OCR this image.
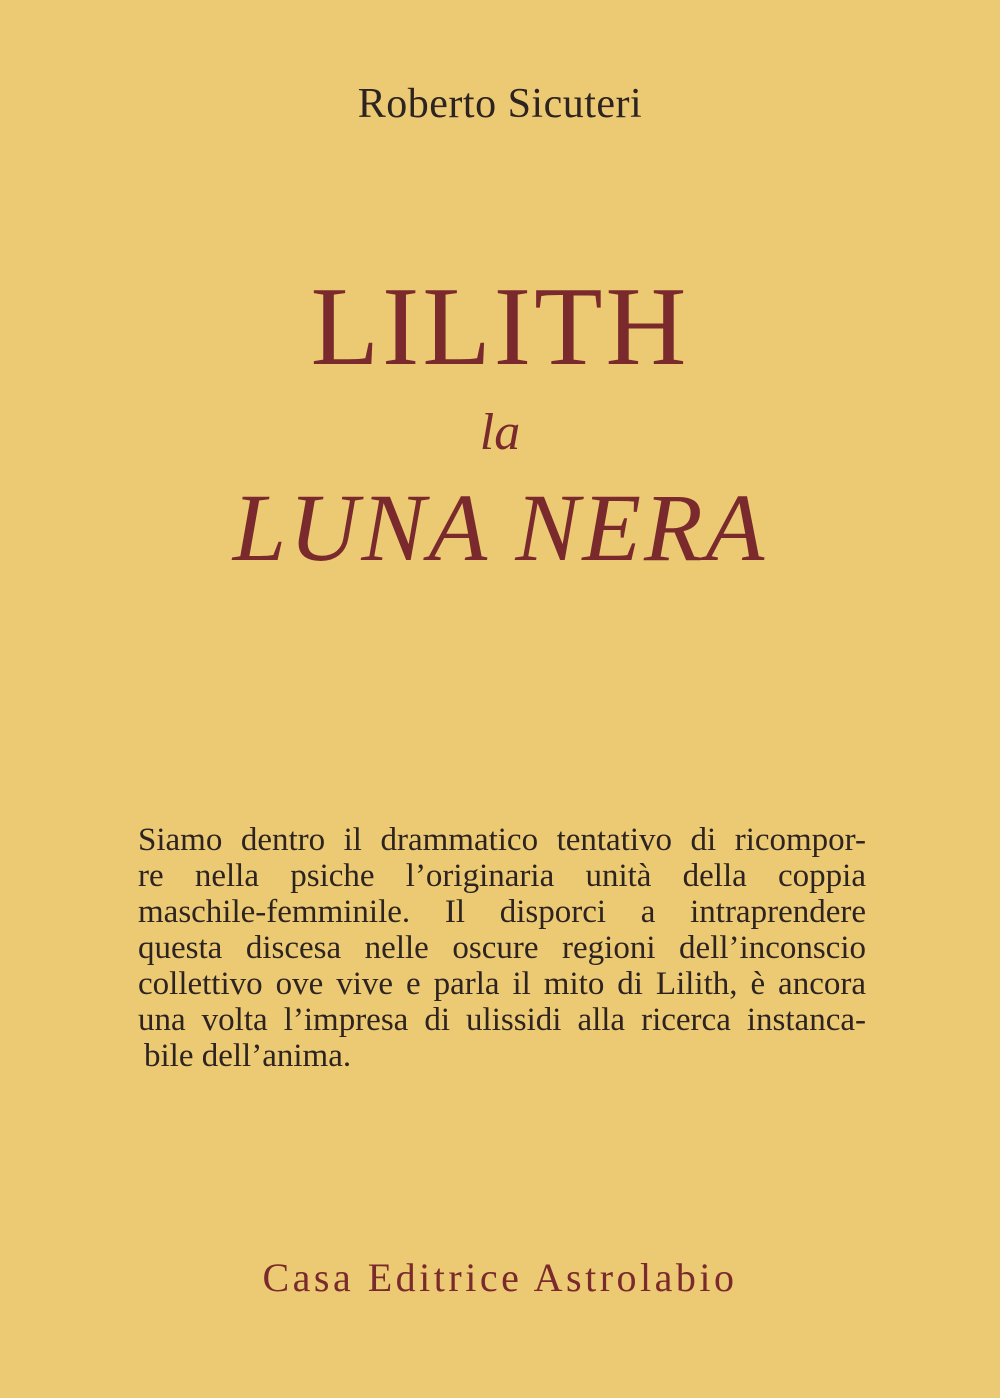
Roberto Sicuteri
LILITH
la
LUNA NERA
Siamo dentro il drammatico tentativo di ricompor-
re nella psiche l’originaria unità della coppia
maschile-femminile. Il disporci a intraprendere
questa discesa nelle oscure regioni dell’inconscio
collettivo ove vive e parla il mito di Lilith, è ancora
una volta l’impresa di ulissidi alla ricerca instanca-
bile dell’anima.
Casa Editrice Astrolabio
